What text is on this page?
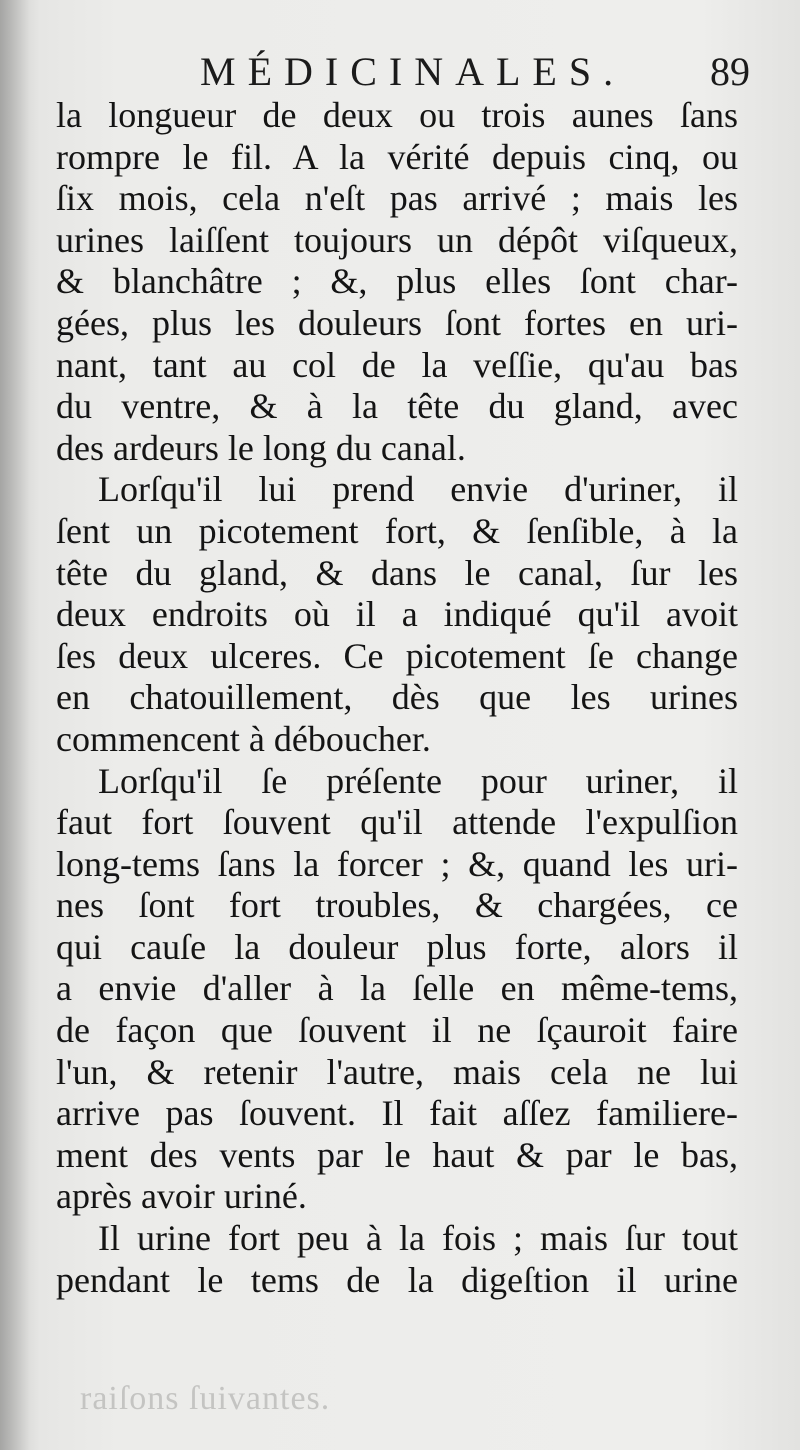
MÉDICINALES. 89
la longueur de deux ou trois aunes ſans
rompre le fil. A la vérité depuis cinq, ou
ſix mois, cela n'eſt pas arrivé ; mais les
urines laiſſent toujours un dépôt viſqueux,
& blanchâtre ; &, plus elles ſont char-
gées, plus les douleurs ſont fortes en uri-
nant, tant au col de la veſſie, qu'au bas
du ventre, & à la tête du gland, avec
des ardeurs le long du canal.
Lorſqu'il lui prend envie d'uriner, il
ſent un picotement fort, & ſenſible, à la
tête du gland, & dans le canal, ſur les
deux endroits où il a indiqué qu'il avoit
ſes deux ulceres. Ce picotement ſe change
en chatouillement, dès que les urines
commencent à déboucher.
Lorſqu'il ſe préſente pour uriner, il
faut fort ſouvent qu'il attende l'expulſion
long-tems ſans la forcer ; &, quand les uri-
nes ſont fort troubles, & chargées, ce
qui cauſe la douleur plus forte, alors il
a envie d'aller à la ſelle en même-tems,
de façon que ſouvent il ne ſçauroit faire
l'un, & retenir l'autre, mais cela ne lui
arrive pas ſouvent. Il fait aſſez familiere-
ment des vents par le haut & par le bas,
après avoir uriné.
Il urine fort peu à la fois ; mais ſur tout
pendant le tems de la digeſtion il urine
raiſons ſuivantes.
